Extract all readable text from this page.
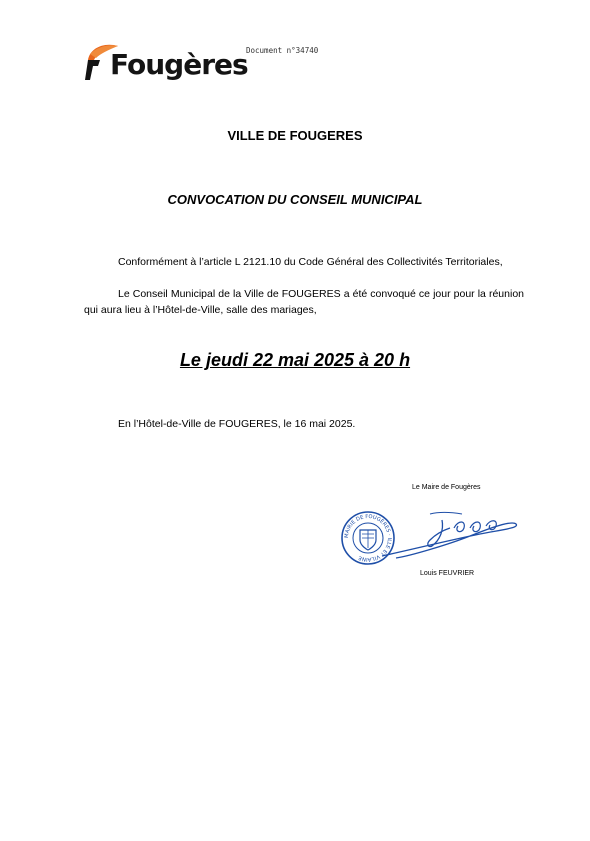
Fougères
Document n°34740
VILLE DE FOUGERES
CONVOCATION DU CONSEIL MUNICIPAL
Conformément à l’article L 2121.10 du Code Général des Collectivités Territoriales,
Le Conseil Municipal de la Ville de FOUGERES a été convoqué ce jour pour la réunion qui aura lieu à l’Hôtel-de-Ville, salle des mariages,
Le jeudi 22 mai 2025 à 20 h
En l’Hôtel-de-Ville de FOUGERES, le 16 mai 2025.
Le Maire de Fougères
MAIRIE DE FOUGÈRES · ILLE ET VILAINE
Louis FEUVRIER
